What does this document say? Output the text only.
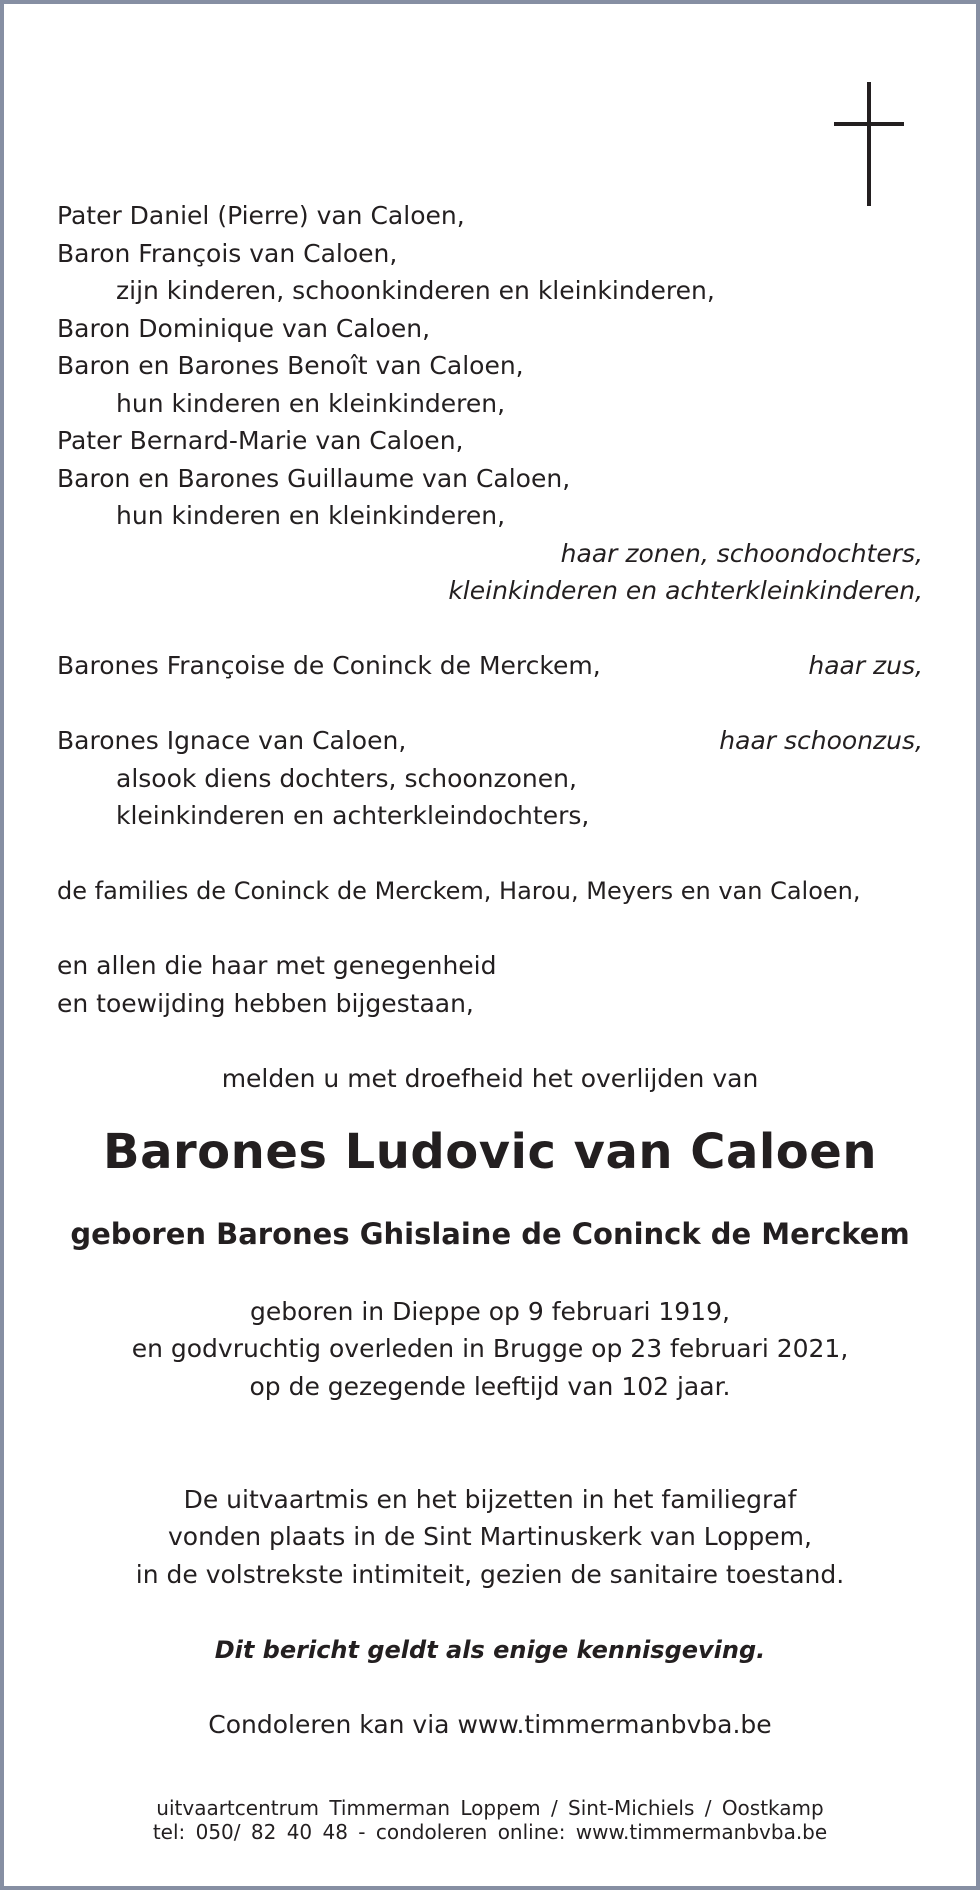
Pater Daniel (Pierre) van Caloen,

Baron François van Caloen,

zijn kinderen, schoonkinderen en kleinkinderen,

Baron Dominique van Caloen,

Baron en Barones Benoît van Caloen,

hun kinderen en kleinkinderen,

Pater Bernard-Marie van Caloen,

Baron en Barones Guillaume van Caloen,

hun kinderen en kleinkinderen,

haar zonen, schoondochters,

kleinkinderen en achterkleinkinderen,

Barones Françoise de Coninck de Merckem,	haar zus,

Barones Ignace van Caloen,	haar schoonzus,

alsook diens dochters, schoonzonen,

kleinkinderen en achterkleindochters,

de families de Coninck de Merckem, Harou, Meyers en van Caloen,

en allen die haar met genegenheid

en toewijding hebben bijgestaan,

melden u met droefheid het overlijden van

Barones Ludovic van Caloen

geboren Barones Ghislaine de Coninck de Merckem

geboren in Dieppe op 9 februari 1919,

en godvruchtig overleden in Brugge op 23 februari 2021,

op de gezegende leeftijd van 102 jaar.

De uitvaartmis en het bijzetten in het familiegraf

vonden plaats in de Sint Martinuskerk van Loppem,

in de volstrekste intimiteit, gezien de sanitaire toestand.

Dit bericht geldt als enige kennisgeving.

Condoleren kan via www.timmermanbvba.be

uitvaartcentrum Timmerman Loppem / Sint-Michiels / Oostkamp

tel: 050/ 82 40 48 - condoleren online: www.timmermanbvba.be
